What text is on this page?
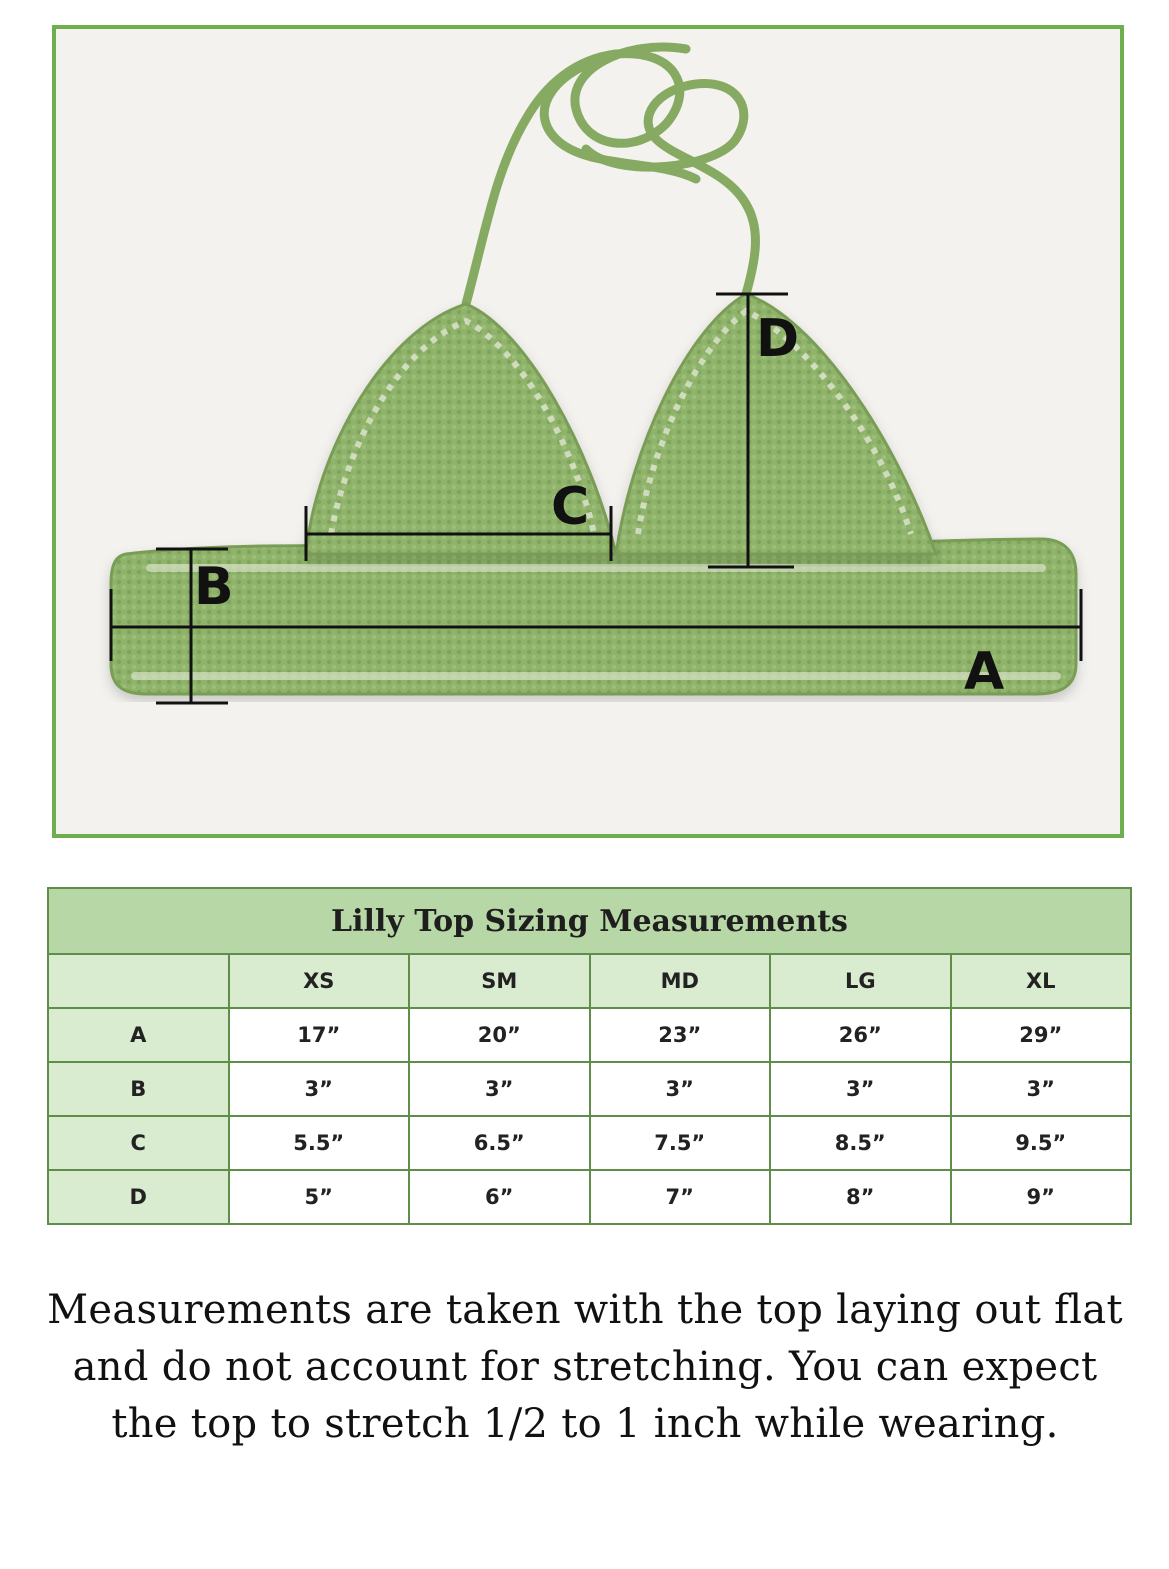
B
C
D
A
Lilly Top Sizing Measurements					
	XS	SM	MD	LG	XL
A	17”	20”	23”	26”	29”
B	3”	3”	3”	3”	3”
C	5.5”	6.5”	7.5”	8.5”	9.5”
D	5”	6”	7”	8”	9”
Measurements are taken with the top laying out flat and do not account for stretching. You can expect the top to stretch 1/2 to 1 inch while wearing.
